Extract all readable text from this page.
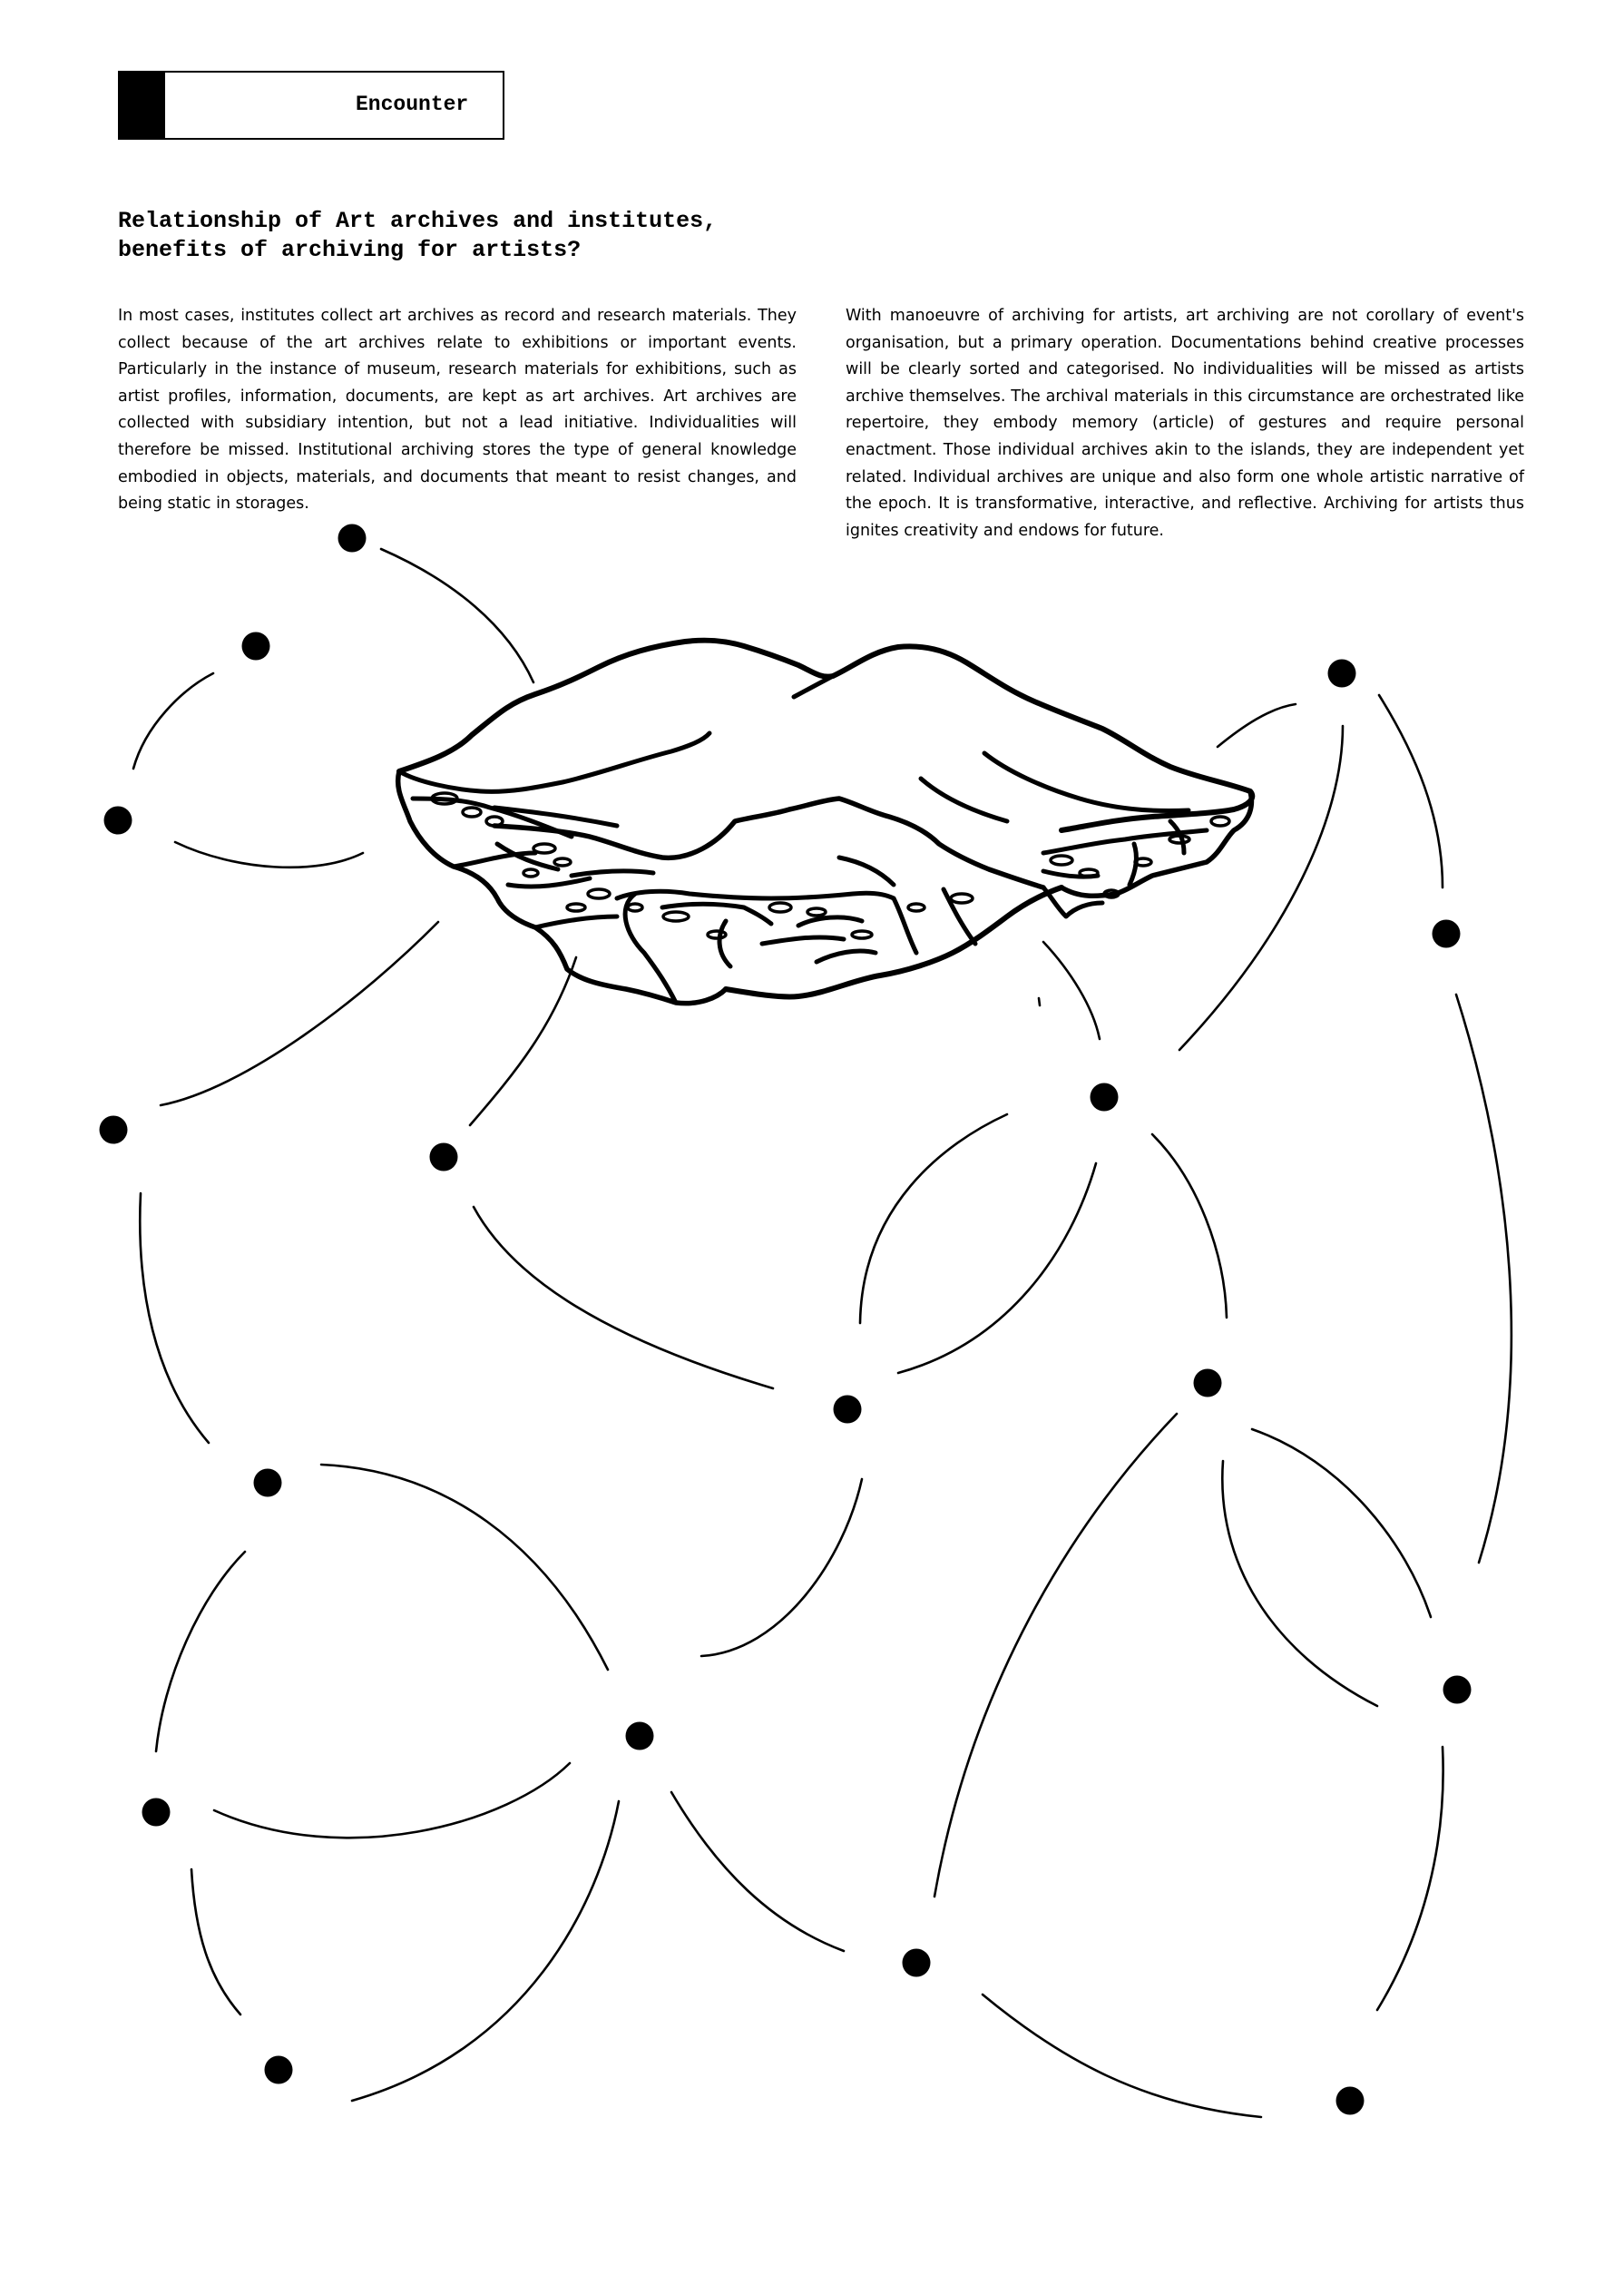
Encounter
Relationship of Art archives and institutes, benefits of archiving for artists?

In most cases, institutes collect art archives as record and research materials. They collect because of the art archives relate to exhibitions or important events. Particularly in the instance of museum, research materials for exhibitions, such as artist profiles, information, documents, are kept as art archives. Art archives are collected with subsidiary intention, but not a lead initiative. Individualities will therefore be missed. Institutional archiving stores the type of general knowledge embodied in objects, materials, and documents that meant to resist changes, and being static in storages.

With manoeuvre of archiving for artists, art archiving are not corollary of event's organisation, but a primary operation. Documentations behind creative processes will be clearly sorted and categorised. No individualities will be missed as artists archive themselves. The archival materials in this circumstance are orchestrated like repertoire, they embody memory (article) of gestures and require personal enactment. Those individual archives akin to the islands, they are independent yet related. Individual archives are unique and also form one whole artistic narrative of the epoch. It is transformative, interactive, and reflective. Archiving for artists thus ignites creativity and endows for future.
